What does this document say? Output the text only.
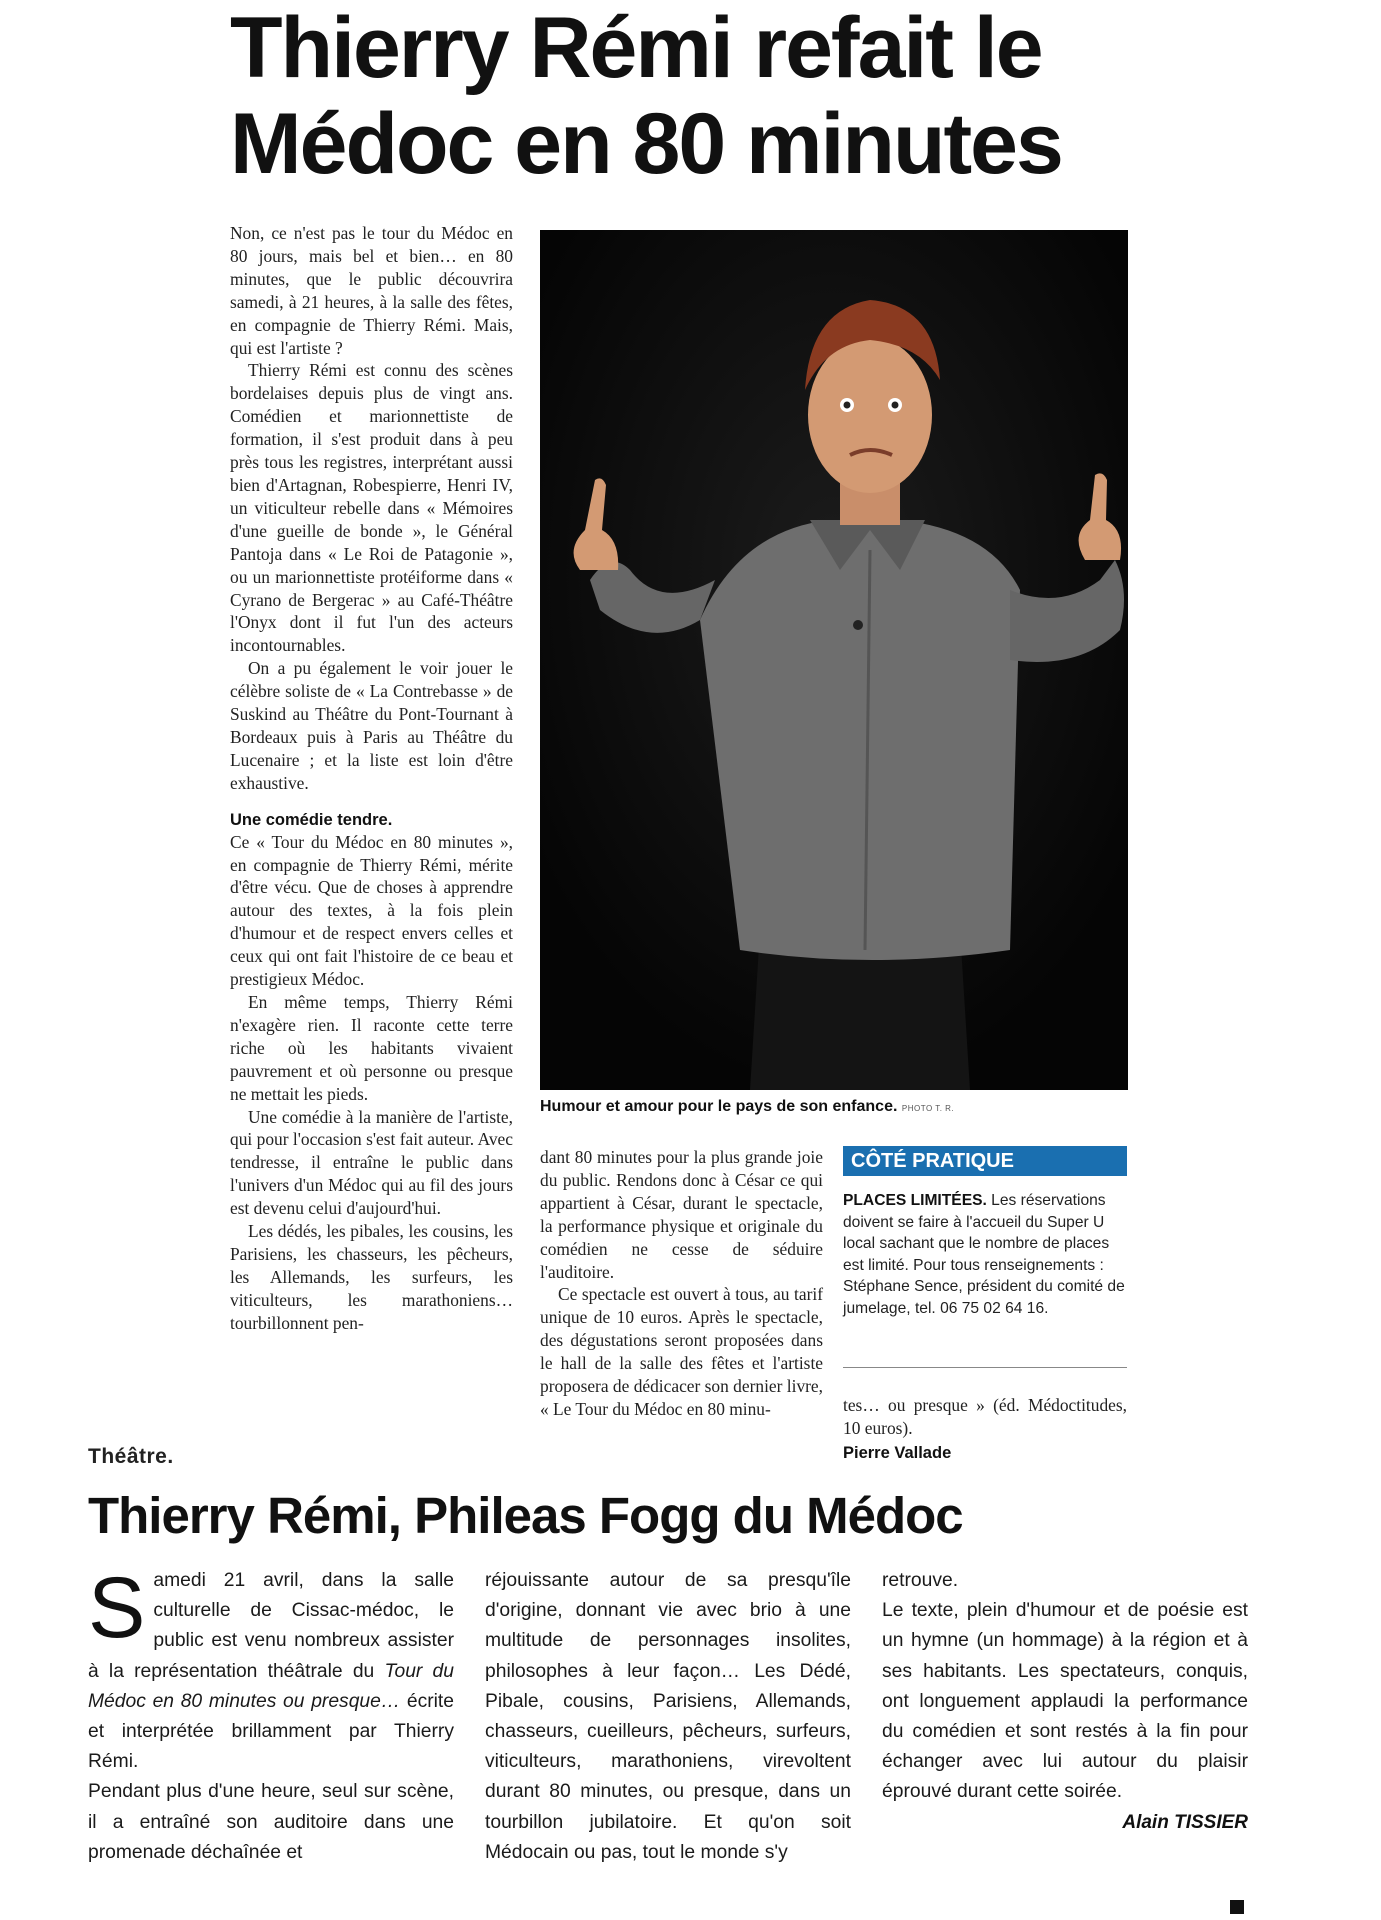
Thierry Rémi refait le
Médoc en 80 minutes

Non, ce n'est pas le tour du Médoc en 80 jours, mais bel et bien… en 80 minutes, que le public découvrira samedi, à 21 heures, à la salle des fêtes, en compagnie de Thierry Rémi. Mais, qui est l'artiste ?

Thierry Rémi est connu des scènes bordelaises depuis plus de vingt ans. Comédien et marionnettiste de formation, il s'est produit dans à peu près tous les registres, interprétant aussi bien d'Artagnan, Robespierre, Henri IV, un viticulteur rebelle dans « Mémoires d'une gueille de bonde », le Général Pantoja dans « Le Roi de Patagonie », ou un marionnettiste protéiforme dans « Cyrano de Bergerac » au Café-Théâtre l'Onyx dont il fut l'un des acteurs incontournables.

On a pu également le voir jouer le célèbre soliste de « La Contrebasse » de Suskind au Théâtre du Pont-Tournant à Bordeaux puis à Paris au Théâtre du Lucenaire ; et la liste est loin d'être exhaustive.

Une comédie tendre.

Ce « Tour du Médoc en 80 minutes », en compagnie de Thierry Rémi, mérite d'être vécu. Que de choses à apprendre autour des textes, à la fois plein d'humour et de respect envers celles et ceux qui ont fait l'histoire de ce beau et prestigieux Médoc.

En même temps, Thierry Rémi n'exagère rien. Il raconte cette terre riche où les habitants vivaient pauvrement et où personne ou presque ne mettait les pieds.

Une comédie à la manière de l'artiste, qui pour l'occasion s'est fait auteur. Avec tendresse, il entraîne le public dans l'univers d'un Médoc qui au fil des jours est devenu celui d'aujourd'hui.

Les dédés, les pibales, les cousins, les Parisiens, les chasseurs, les pêcheurs, les Allemands, les surfeurs, les viticulteurs, les marathoniens… tourbillonnent pen-

Humour et amour pour le pays de son enfance. PHOTO T. R.

dant 80 minutes pour la plus grande joie du public. Rendons donc à César ce qui appartient à César, durant le spectacle, la performance physique et originale du comédien ne cesse de séduire l'auditoire.

Ce spectacle est ouvert à tous, au tarif unique de 10 euros. Après le spectacle, des dégustations seront proposées dans le hall de la salle des fêtes et l'artiste proposera de dédicacer son dernier livre, « Le Tour du Médoc en 80 minu-

CÔTÉ PRATIQUE
PLACES LIMITÉES. Les réservations doivent se faire à l'accueil du Super U local sachant que le nombre de places est limité. Pour tous renseignements : Stéphane Sence, président du comité de jumelage, tel. 06 75 02 64 16.

tes… ou presque » (éd. Médoctitudes, 10 euros).

Pierre Vallade
Théâtre.
Thierry Rémi, Phileas Fogg du Médoc

Samedi 21 avril, dans la salle culturelle de Cissac-médoc, le public est venu nombreux assister à la représentation théâtrale du Tour du Médoc en 80 minutes ou presque… écrite et interprétée brillamment par Thierry Rémi.

Pendant plus d'une heure, seul sur scène, il a entraîné son auditoire dans une promenade déchaînée et

réjouissante autour de sa presqu'île d'origine, donnant vie avec brio à une multitude de personnages insolites, philosophes à leur façon… Les Dédé, Pibale, cousins, Parisiens, Allemands, chasseurs, cueilleurs, pêcheurs, surfeurs, viticulteurs, marathoniens, virevoltent durant 80 minutes, ou presque, dans un tourbillon jubilatoire. Et qu'on soit Médocain ou pas, tout le monde s'y

retrouve.

Le texte, plein d'humour et de poésie est un hymne (un hommage) à la région et à ses habitants. Les spectateurs, conquis, ont longuement applaudi la performance du comédien et sont restés à la fin pour échanger avec lui autour du plaisir éprouvé durant cette soirée.

Alain TISSIER
